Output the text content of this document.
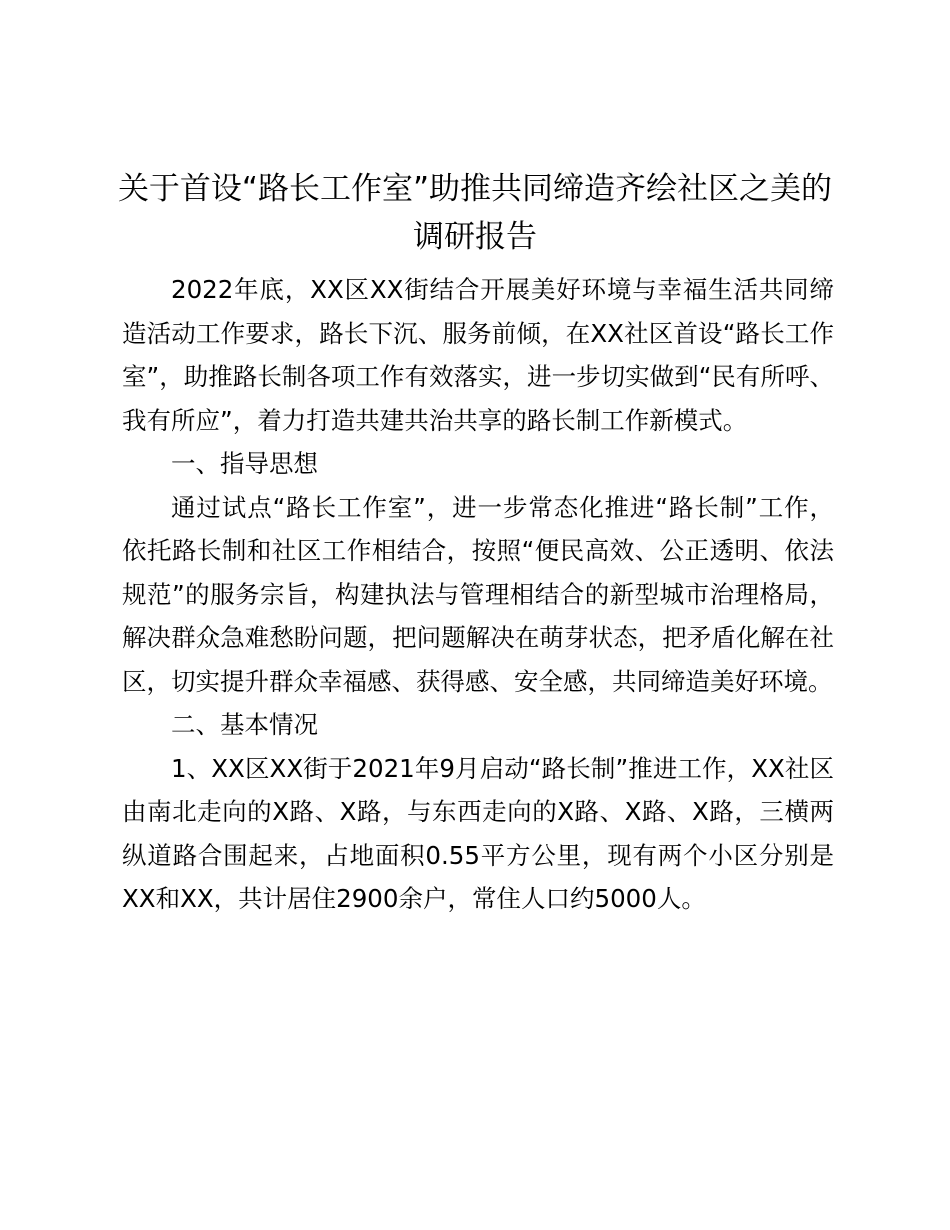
关于首设“路长工作室”助推共同缔造齐绘社区之美的调研报告

2022年底，XX区XX街结合开展美好环境与幸福生活共同缔造活动工作要求，路长下沉、服务前倾，在XX社区首设“路长工作室”，助推路长制各项工作有效落实，进一步切实做到“民有所呼、我有所应”，着力打造共建共治共享的路长制工作新模式。

一、指导思想

通过试点“路长工作室”，进一步常态化推进“路长制”工作，依托路长制和社区工作相结合，按照“便民高效、公正透明、依法规范”的服务宗旨，构建执法与管理相结合的新型城市治理格局，解决群众急难愁盼问题，把问题解决在萌芽状态，把矛盾化解在社区，切实提升群众幸福感、获得感、安全感，共同缔造美好环境。

二、基本情况

1、XX区XX街于2021年9月启动“路长制”推进工作，XX社区由南北走向的X路、X路，与东西走向的X路、X路、X路，三横两纵道路合围起来，占地面积0.55平方公里，现有两个小区分别是XX和XX，共计居住2900余户，常住人口约5000人。
